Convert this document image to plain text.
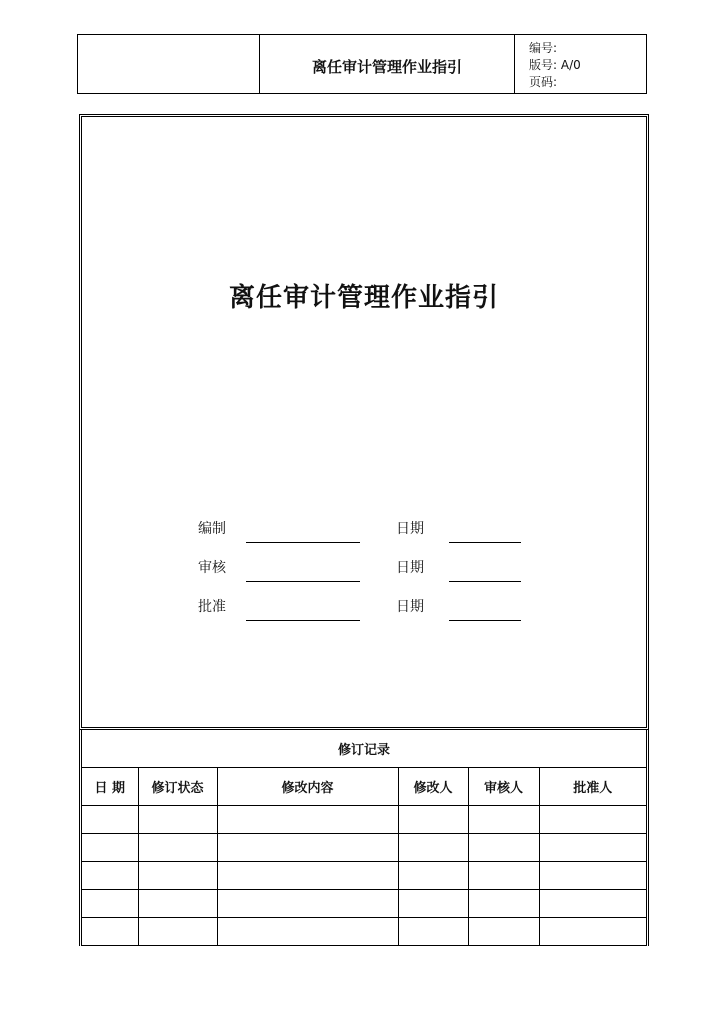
离任审计管理作业指引
编号:
版号: A/0
页码:
离任审计管理作业指引
编制	日期
审核	日期
批准	日期
修订记录					
日 期	修订状态	修改内容	修改人	审核人	批准人
